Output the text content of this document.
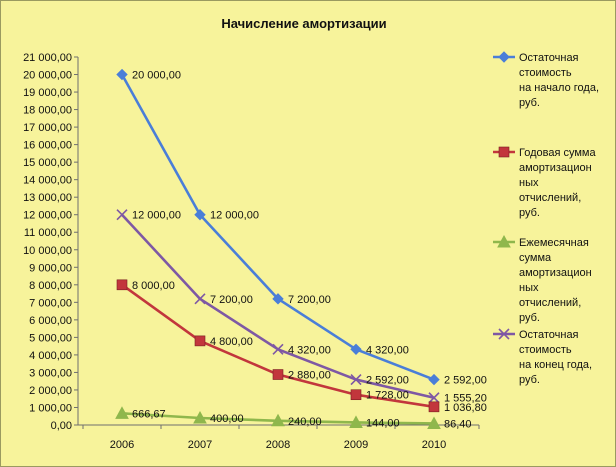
Начисление амортизации
0,00
1 000,00
2 000,00
3 000,00
4 000,00
5 000,00
6 000,00
7 000,00
8 000,00
9 000,00
10 000,00
11 000,00
12 000,00
13 000,00
14 000,00
15 000,00
16 000,00
17 000,00
18 000,00
19 000,00
20 000,00
21 000,00
2006	2007	2008	2009	2010
20 000,00
12 000,00
7 200,00
4 320,00
2 592,00
8 000,00
4 800,00
2 880,00
1 728,00
1 036,80
666,67	400,00	240,00	144,00	86,40
12 000,00
7 200,00
4 320,00
2 592,00
1 555,20
Остаточная
стоимость
на начало года,
руб.
Годовая сумма
амортизацион
ных
отчислений,
руб.
Ежемесячная
сумма
амортизацион
ных
отчислений,
руб.
Остаточная
стоимость
на конец года,
руб.
